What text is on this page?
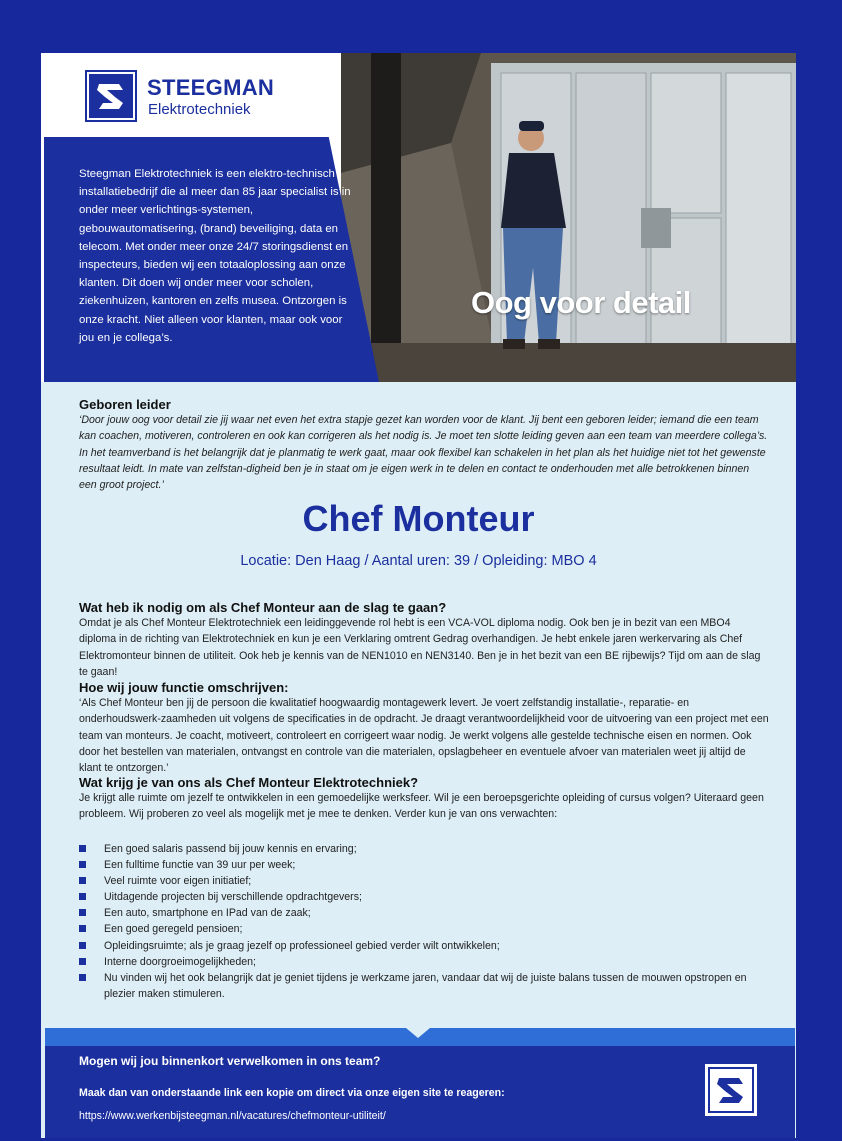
STEEGMAN
Elektrotechniek
Steegman Elektrotechniek is een elektro-technisch installatiebedrijf die al meer dan 85 jaar specialist is in onder meer verlichtings-systemen, gebouwautomatisering, (brand) beveiliging, data en telecom. Met onder meer onze 24/7 storingsdienst en inspecteurs, bieden wij een totaaloplossing aan onze klanten. Dit doen wij onder meer voor scholen, ziekenhuizen, kantoren en zelfs musea. Ontzorgen is onze kracht. Niet alleen voor klanten, maar ook voor jou en je collega’s.
Oog voor detail
Geboren leider
‘Door jouw oog voor detail zie jij waar net even het extra stapje gezet kan worden voor de klant. Jij bent een geboren leider; iemand die een team kan coachen, motiveren, controleren en ook kan corrigeren als het nodig is. Je moet ten slotte leiding geven aan een team van meerdere collega’s. In het teamverband is het belangrijk dat je planmatig te werk gaat, maar ook flexibel kan schakelen in het plan als het huidige niet tot het gewenste resultaat leidt. In mate van zelfstan-digheid ben je in staat om je eigen werk in te delen en contact te onderhouden met alle betrokkenen binnen een groot project.’
Chef Monteur
Locatie: Den Haag / Aantal uren: 39 / Opleiding: MBO 4
Wat heb ik nodig om als Chef Monteur aan de slag te gaan?
Omdat je als Chef Monteur Elektrotechniek een leidinggevende rol hebt is een VCA-VOL diploma nodig. Ook ben je in bezit van een MBO4 diploma in de richting van Elektrotechniek en kun je een Verklaring omtrent Gedrag overhandigen. Je hebt enkele jaren werkervaring als Chef Elektromonteur binnen de utiliteit. Ook heb je kennis van de NEN1010 en NEN3140. Ben je in het bezit van een BE rijbewijs? Tijd om aan de slag te gaan!
Hoe wij jouw functie omschrijven:
‘Als Chef Monteur ben jij de persoon die kwalitatief hoogwaardig montagewerk levert. Je voert zelfstandig installatie-, reparatie- en onderhoudswerk-zaamheden uit volgens de specificaties in de opdracht. Je draagt verantwoordelijkheid voor de uitvoering van een project met een team van monteurs. Je coacht, motiveert, controleert en corrigeert waar nodig. Je werkt volgens alle gestelde technische eisen en normen. Ook door het bestellen van materialen, ontvangst en controle van die materialen, opslagbeheer en eventuele afvoer van materialen weet jij altijd de klant te ontzorgen.’
Wat krijg je van ons als Chef Monteur Elektrotechniek?
Je krijgt alle ruimte om jezelf te ontwikkelen in een gemoedelijke werksfeer. Wil je een beroepsgerichte opleiding of cursus volgen? Uiteraard geen probleem. Wij proberen zo veel als mogelijk met je mee te denken. Verder kun je van ons verwachten:
Een goed salaris passend bij jouw kennis en ervaring;
Een fulltime functie van 39 uur per week;
Veel ruimte voor eigen initiatief;
Uitdagende projecten bij verschillende opdrachtgevers;
Een auto, smartphone en IPad van de zaak;
Een goed geregeld pensioen;
Opleidingsruimte; als je graag jezelf op professioneel gebied verder wilt ontwikkelen;
Interne doorgroeimogelijkheden;
Nu vinden wij het ook belangrijk dat je geniet tijdens je werkzame jaren, vandaar dat wij de juiste balans tussen de mouwen opstropen en plezier maken stimuleren.
Mogen wij jou binnenkort verwelkomen in ons team?
Maak dan van onderstaande link een kopie om direct via onze eigen site te reageren:
https://www.werkenbijsteegman.nl/vacatures/chefmonteur-utiliteit/
